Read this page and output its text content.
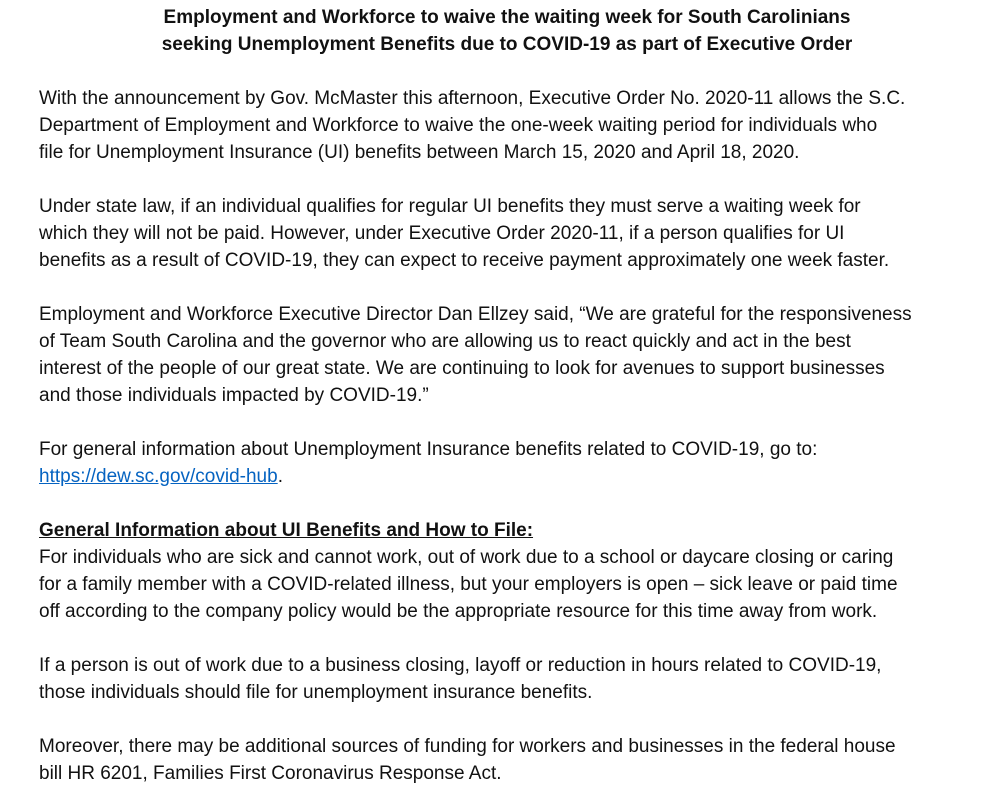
Employment and Workforce to waive the waiting week for South Carolinians
seeking Unemployment Benefits due to COVID-19 as part of Executive Order

With the announcement by Gov. McMaster this afternoon, Executive Order No. 2020-11 allows the S.C.
Department of Employment and Workforce to waive the one-week waiting period for individuals who
file for Unemployment Insurance (UI) benefits between March 15, 2020 and April 18, 2020.

Under state law, if an individual qualifies for regular UI benefits they must serve a waiting week for
which they will not be paid. However, under Executive Order 2020-11, if a person qualifies for UI
benefits as a result of COVID-19, they can expect to receive payment approximately one week faster.

Employment and Workforce Executive Director Dan Ellzey said, “We are grateful for the responsiveness
of Team South Carolina and the governor who are allowing us to react quickly and act in the best
interest of the people of our great state. We are continuing to look for avenues to support businesses
and those individuals impacted by COVID-19.”

For general information about Unemployment Insurance benefits related to COVID-19, go to:
https://dew.sc.gov/covid-hub.

General Information about UI Benefits and How to File:
For individuals who are sick and cannot work, out of work due to a school or daycare closing or caring
for a family member with a COVID-related illness, but your employers is open – sick leave or paid time
off according to the company policy would be the appropriate resource for this time away from work.

If a person is out of work due to a business closing, layoff or reduction in hours related to COVID-19,
those individuals should file for unemployment insurance benefits.

Moreover, there may be additional sources of funding for workers and businesses in the federal house
bill HR 6201, Families First Coronavirus Response Act.
